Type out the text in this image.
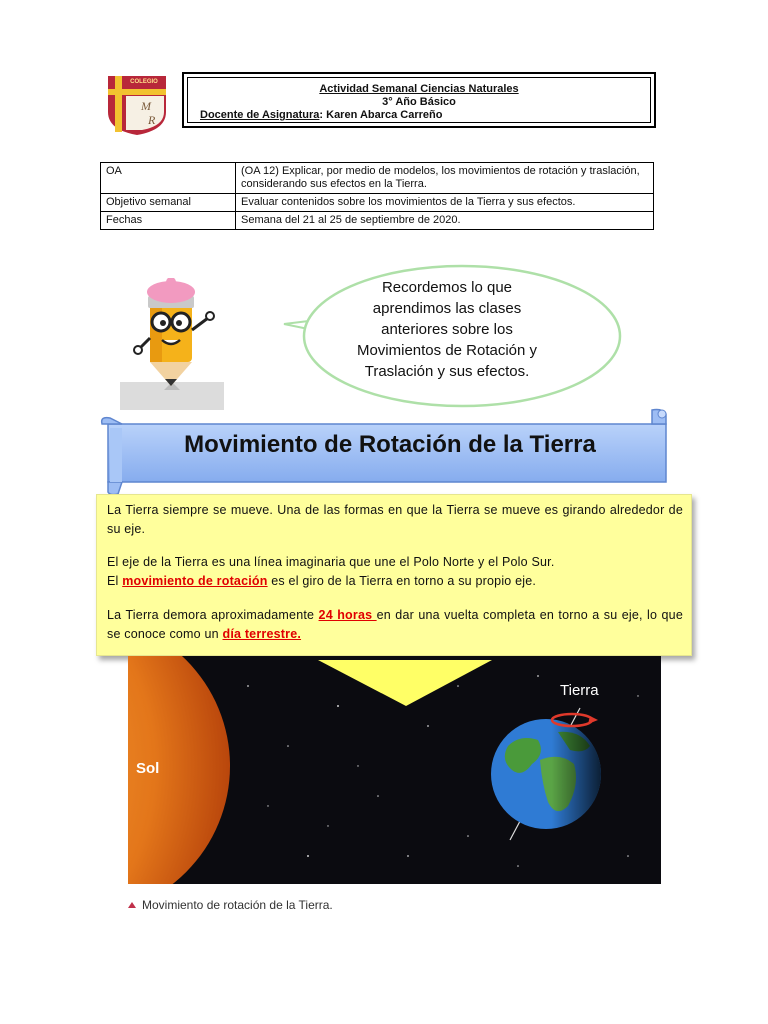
COLEGIO
M
R
Actividad Semanal Ciencias Naturales
3° Año Básico
Docente de Asignatura: Karen Abarca Carreño
OA	(OA 12) Explicar, por medio de modelos, los movimientos de rotación y traslación, considerando sus efectos en la Tierra.
Objetivo semanal	Evaluar contenidos sobre los movimientos de la Tierra y sus efectos.
Fechas	Semana del 21 al 25 de septiembre de 2020.
Recordemos lo que
aprendimos las clases
anteriores sobre los
Movimientos de Rotación y
Traslación y sus efectos.
Movimiento de Rotación de la Tierra
La Tierra siempre se mueve. Una de las formas en que la Tierra se mueve es girando alrededor de su eje.
El eje de la Tierra es una línea imaginaria que une el Polo Norte y el Polo Sur.
El movimiento de rotación es el giro de la Tierra en torno a su propio eje.
La Tierra demora aproximadamente 24 horas en dar una vuelta completa en torno a su eje, lo que se conoce como un día terrestre.
Sol
Tierra
Movimiento de rotación de la Tierra.
